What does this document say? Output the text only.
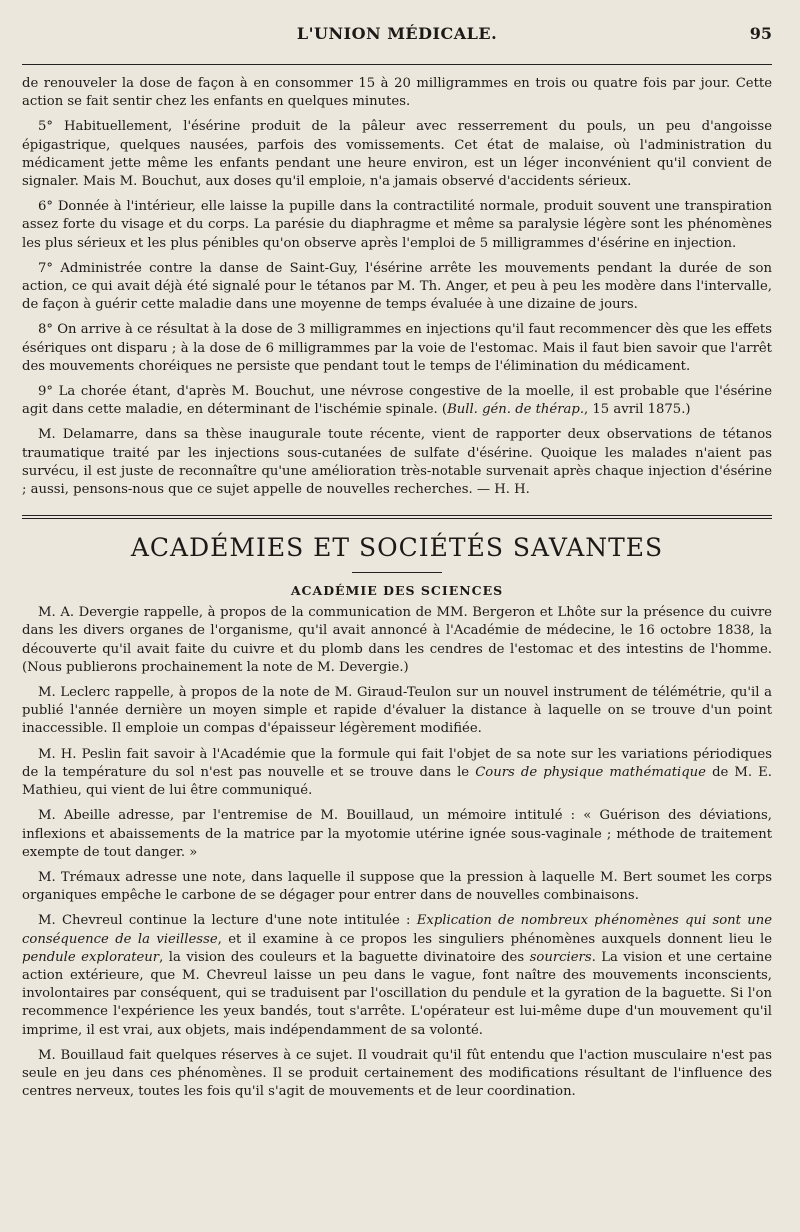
L'UNION MÉDICALE.	95

de renouveler la dose de façon à en consommer 15 à 20 milligrammes en trois ou quatre fois par jour. Cette action se fait sentir chez les enfants en quelques minutes.

5° Habituellement, l'ésérine produit de la pâleur avec resserrement du pouls, un peu d'angoisse épigastrique, quelques nausées, parfois des vomissements. Cet état de malaise, où l'administration du médicament jette même les enfants pendant une heure environ, est un léger inconvénient qu'il convient de signaler. Mais M. Bouchut, aux doses qu'il emploie, n'a jamais observé d'accidents sérieux.

6° Donnée à l'intérieur, elle laisse la pupille dans la contractilité normale, produit souvent une transpiration assez forte du visage et du corps. La parésie du diaphragme et même sa paralysie légère sont les phénomènes les plus sérieux et les plus pénibles qu'on observe après l'emploi de 5 milligrammes d'ésérine en injection.

7° Administrée contre la danse de Saint-Guy, l'ésérine arrête les mouvements pendant la durée de son action, ce qui avait déjà été signalé pour le tétanos par M. Th. Anger, et peu à peu les modère dans l'intervalle, de façon à guérir cette maladie dans une moyenne de temps évaluée à une dizaine de jours.

8° On arrive à ce résultat à la dose de 3 milligrammes en injections qu'il faut recommencer dès que les effets ésériques ont disparu ; à la dose de 6 milligrammes par la voie de l'estomac. Mais il faut bien savoir que l'arrêt des mouvements choréiques ne persiste que pendant tout le temps de l'élimination du médicament.

9° La chorée étant, d'après M. Bouchut, une névrose congestive de la moelle, il est probable que l'ésérine agit dans cette maladie, en déterminant de l'ischémie spinale. (Bull. gén. de thérap., 15 avril 1875.)

M. Delamarre, dans sa thèse inaugurale toute récente, vient de rapporter deux observations de tétanos traumatique traité par les injections sous-cutanées de sulfate d'ésérine. Quoique les malades n'aient pas survécu, il est juste de reconnaître qu'une amélioration très-notable survenait après chaque injection d'ésérine ; aussi, pensons-nous que ce sujet appelle de nouvelles recherches. — H. H.

ACADÉMIES ET SOCIÉTÉS SAVANTES
ACADÉMIE DES SCIENCES

M. A. Devergie rappelle, à propos de la communication de MM. Bergeron et Lhôte sur la présence du cuivre dans les divers organes de l'organisme, qu'il avait annoncé à l'Académie de médecine, le 16 octobre 1838, la découverte qu'il avait faite du cuivre et du plomb dans les cendres de l'estomac et des intestins de l'homme. (Nous publierons prochainement la note de M. Devergie.)

M. Leclerc rappelle, à propos de la note de M. Giraud-Teulon sur un nouvel instrument de télémétrie, qu'il a publié l'année dernière un moyen simple et rapide d'évaluer la distance à laquelle on se trouve d'un point inaccessible. Il emploie un compas d'épaisseur légèrement modifiée.

M. H. Peslin fait savoir à l'Académie que la formule qui fait l'objet de sa note sur les variations périodiques de la température du sol n'est pas nouvelle et se trouve dans le Cours de physique mathématique de M. E. Mathieu, qui vient de lui être communiqué.

M. Abeille adresse, par l'entremise de M. Bouillaud, un mémoire intitulé : « Guérison des déviations, inflexions et abaissements de la matrice par la myotomie utérine ignée sous-vaginale ; méthode de traitement exempte de tout danger. »

M. Trémaux adresse une note, dans laquelle il suppose que la pression à laquelle M. Bert soumet les corps organiques empêche le carbone de se dégager pour entrer dans de nouvelles combinaisons.

M. Chevreul continue la lecture d'une note intitulée : Explication de nombreux phénomènes qui sont une conséquence de la vieillesse, et il examine à ce propos les singuliers phénomènes auxquels donnent lieu le pendule explorateur, la vision des couleurs et la baguette divinatoire des sourciers. La vision et une certaine action extérieure, que M. Chevreul laisse un peu dans le vague, font naître des mouvements inconscients, involontaires par conséquent, qui se traduisent par l'oscillation du pendule et la gyration de la baguette. Si l'on recommence l'expérience les yeux bandés, tout s'arrête. L'opérateur est lui-même dupe d'un mouvement qu'il imprime, il est vrai, aux objets, mais indépendamment de sa volonté.

M. Bouillaud fait quelques réserves à ce sujet. Il voudrait qu'il fût entendu que l'action musculaire n'est pas seule en jeu dans ces phénomènes. Il se produit certainement des modifications résultant de l'influence des centres nerveux, toutes les fois qu'il s'agit de mouvements et de leur coordination.
